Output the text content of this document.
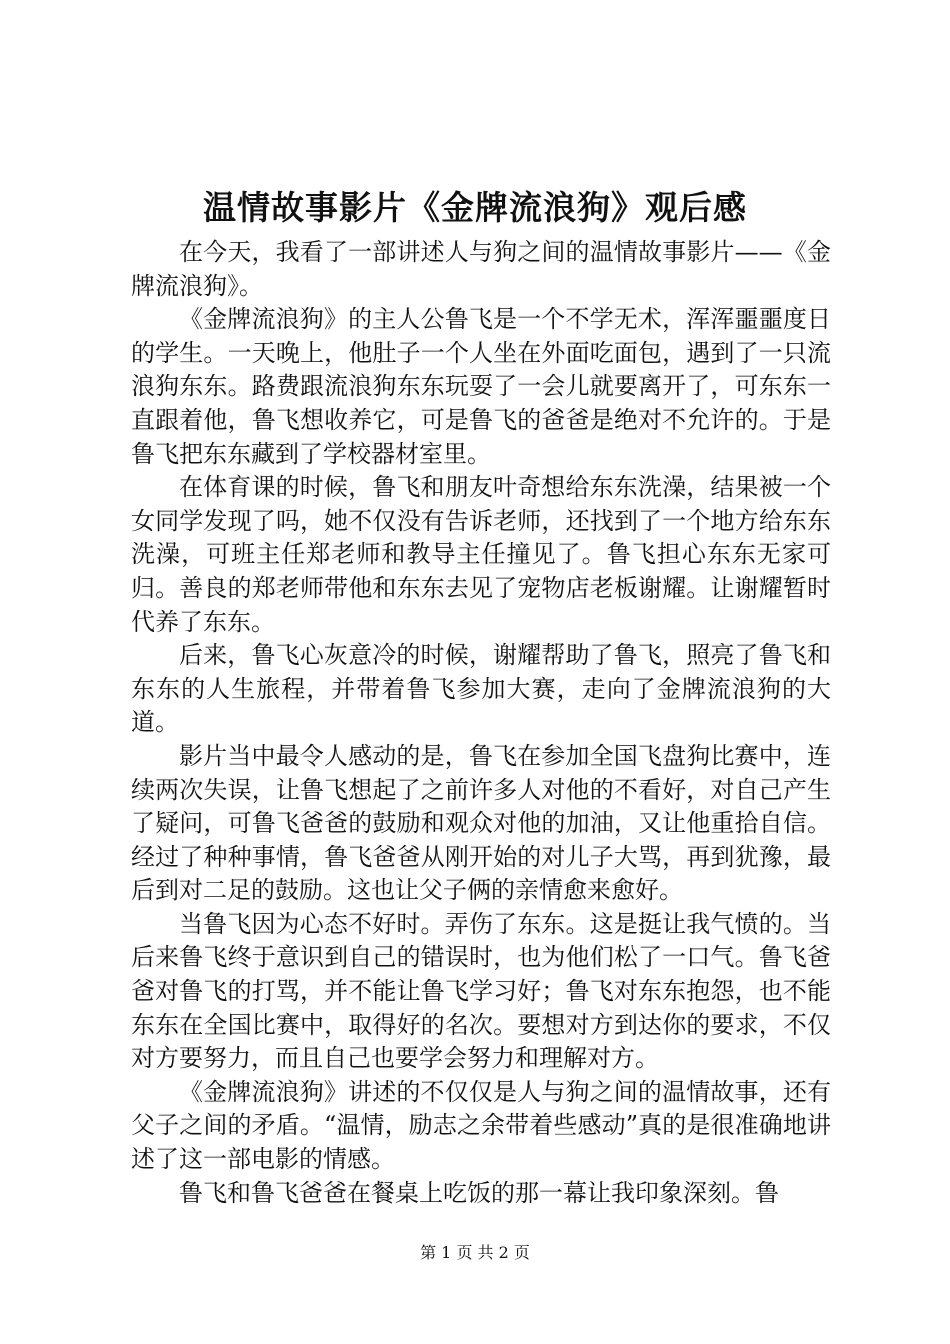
温情故事影片《金牌流浪狗》观后感

在今天，我看了一部讲述人与狗之间的温情故事影片——《金牌流浪狗》。

《金牌流浪狗》的主人公鲁飞是一个不学无术，浑浑噩噩度日的学生。一天晚上，他肚子一个人坐在外面吃面包，遇到了一只流浪狗东东。路费跟流浪狗东东玩耍了一会儿就要离开了，可东东一直跟着他，鲁飞想收养它，可是鲁飞的爸爸是绝对不允许的。于是鲁飞把东东藏到了学校器材室里。

在体育课的时候，鲁飞和朋友叶奇想给东东洗澡，结果被一个女同学发现了吗，她不仅没有告诉老师，还找到了一个地方给东东洗澡，可班主任郑老师和教导主任撞见了。鲁飞担心东东无家可归。善良的郑老师带他和东东去见了宠物店老板谢耀。让谢耀暂时代养了东东。

后来，鲁飞心灰意冷的时候，谢耀帮助了鲁飞，照亮了鲁飞和东东的人生旅程，并带着鲁飞参加大赛，走向了金牌流浪狗的大道。

影片当中最令人感动的是，鲁飞在参加全国飞盘狗比赛中，连续两次失误，让鲁飞想起了之前许多人对他的不看好，对自己产生了疑问，可鲁飞爸爸的鼓励和观众对他的加油，又让他重拾自信。经过了种种事情，鲁飞爸爸从刚开始的对儿子大骂，再到犹豫，最后到对二足的鼓励。这也让父子俩的亲情愈来愈好。

当鲁飞因为心态不好时。弄伤了东东。这是挺让我气愤的。当后来鲁飞终于意识到自己的错误时，也为他们松了一口气。鲁飞爸爸对鲁飞的打骂，并不能让鲁飞学习好；鲁飞对东东抱怨，也不能东东在全国比赛中，取得好的名次。要想对方到达你的要求，不仅对方要努力，而且自己也要学会努力和理解对方。

《金牌流浪狗》讲述的不仅仅是人与狗之间的温情故事，还有父子之间的矛盾。“温情，励志之余带着些感动”真的是很准确地讲述了这一部电影的情感。

鲁飞和鲁飞爸爸在餐桌上吃饭的那一幕让我印象深刻。鲁

第 1 页 共 2 页
